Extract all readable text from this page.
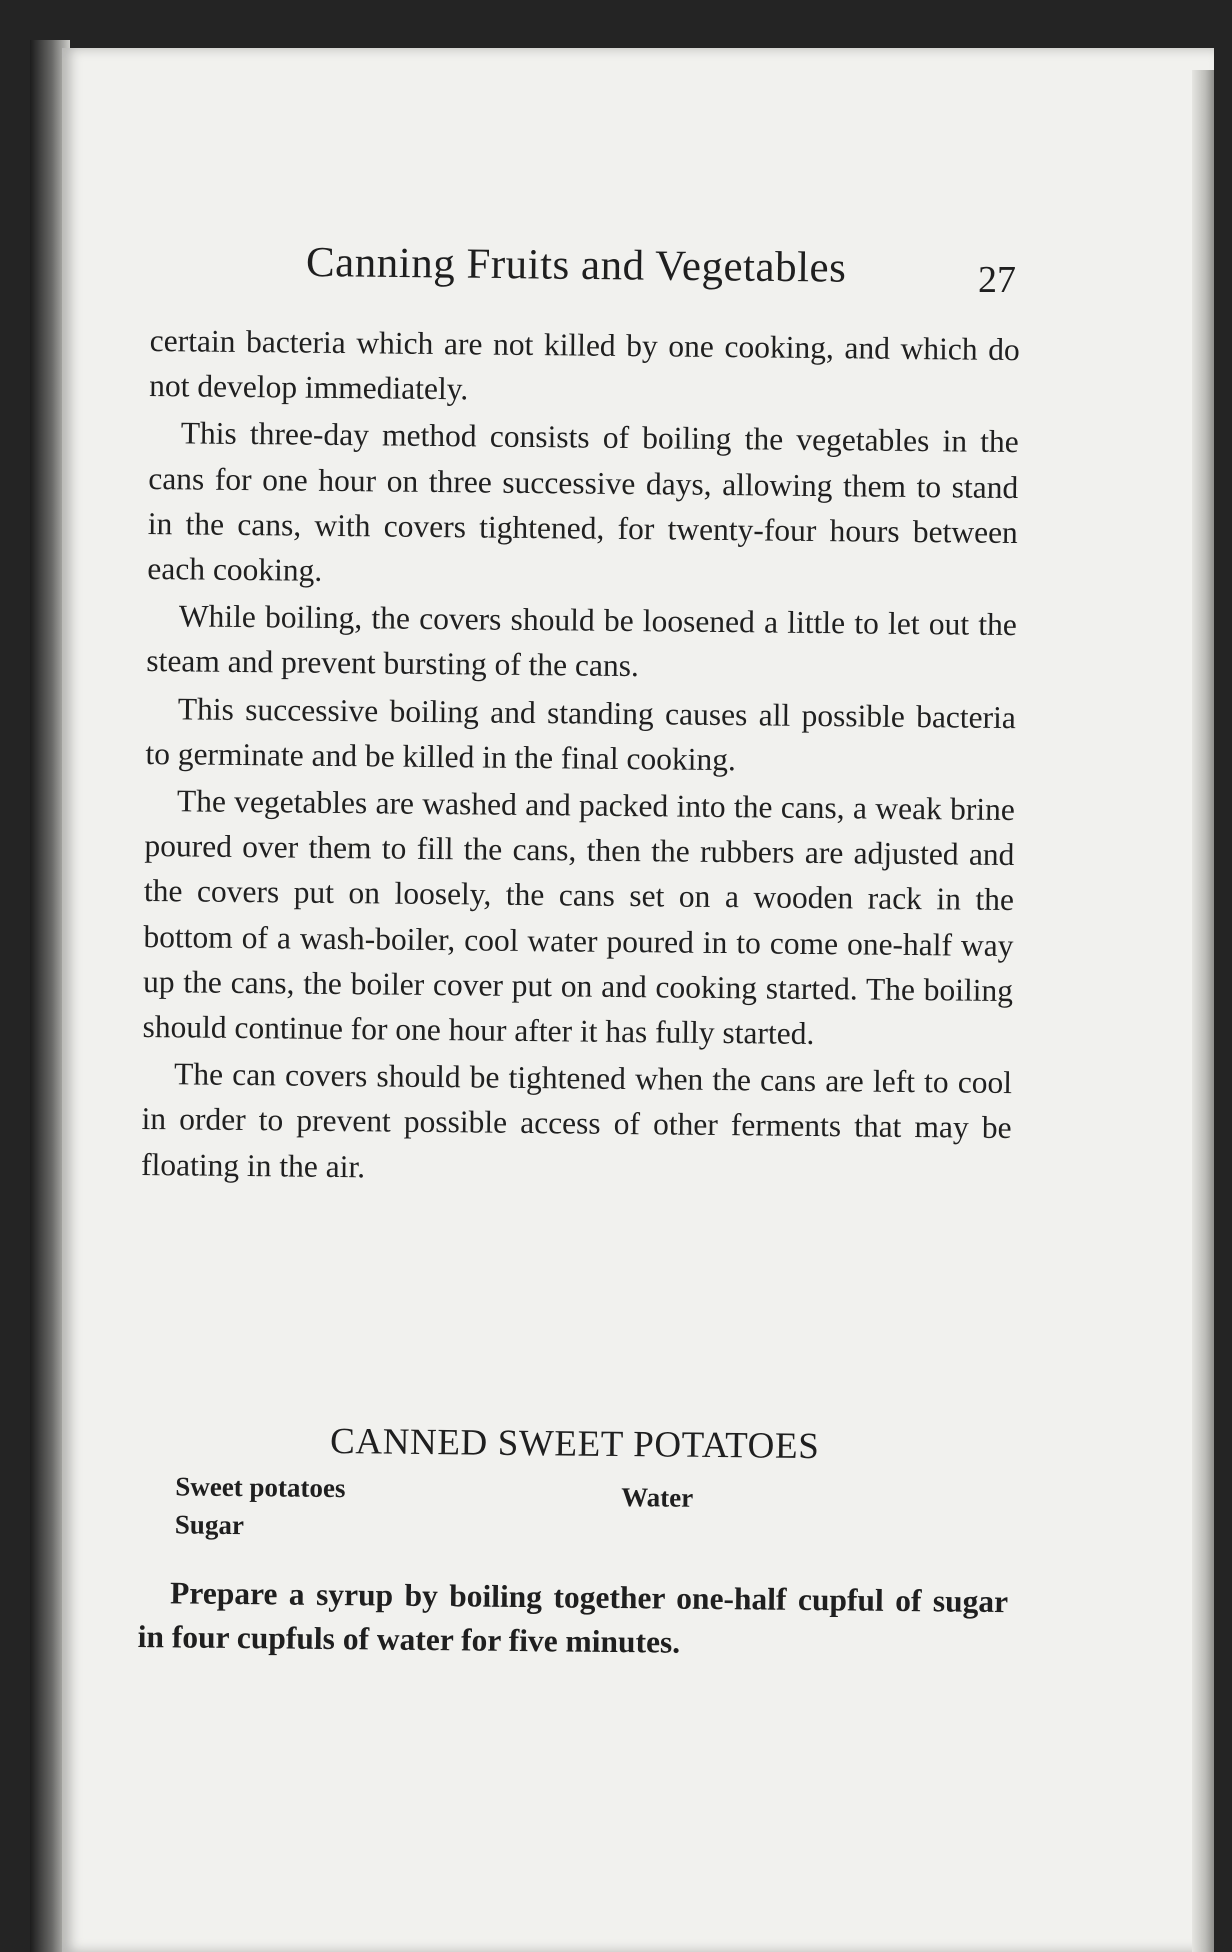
Canning Fruits and Vegetables	27

certain bacteria which are not killed by one cooking, and which do not develop immediately.

This three-day method consists of boiling the vegetables in the cans for one hour on three successive days, allowing them to stand in the cans, with covers tightened, for twenty-four hours between each cooking.

While boiling, the covers should be loosened a little to let out the steam and prevent bursting of the cans.

This successive boiling and standing causes all possible bacteria to germinate and be killed in the final cooking.

The vegetables are washed and packed into the cans, a weak brine poured over them to fill the cans, then the rubbers are adjusted and the covers put on loosely, the cans set on a wooden rack in the bottom of a wash-boiler, cool water poured in to come one-half way up the cans, the boiler cover put on and cooking started. The boiling should continue for one hour after it has fully started.

The can covers should be tightened when the cans are left to cool in order to prevent possible access of other ferments that may be floating in the air.

CANNED SWEET POTATOES
Sweet potatoes
Sugar
Water

Prepare a syrup by boiling together one-half cupful of sugar in four cupfuls of water for five minutes.
